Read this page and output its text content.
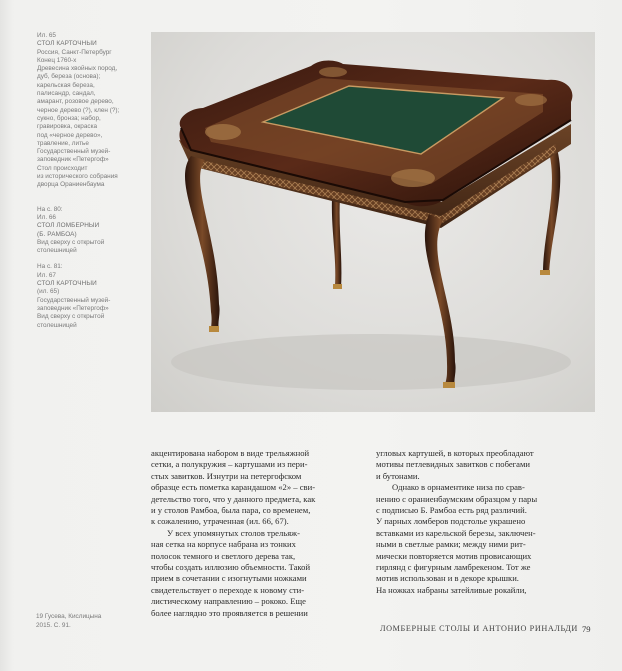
Ил. 65
СТОЛ КАРТОЧНЫЙ
Россия, Санкт-Петербург
Конец 1760-х
Древесина хвойных пород,
дуб, береза (основа);
карельская береза,
палисандр, сандал,
амарант, розовое дерево,
черное дерево (?), клен (?);
сукно, бронза; набор,
гравировка, окраска
под «черное дерево»,
травление, литье
Государственный музей-
заповедник «Петергоф»
Стол происходит
из исторического собрания
дворца Ораниенбаума
На с. 80:
Ил. 66
СТОЛ ЛОМБЕРНЫЙ
(Б. РАМБОА)
Вид сверху с открытой
столешницей
На с. 81:
Ил. 67
СТОЛ КАРТОЧНЫЙ
(ил. 65)
Государственный музей-
заповедник «Петергоф»
Вид сверху с открытой
столешницей
акцентирована набором в виде трельяжной
сетки, а полукружия – картушами из пери-
стых завитков. Изнутри на петергофском
образце есть пометка карандашом «2» – сви-
детельство того, что у данного предмета, как
и у столов Рамбоа, была пара, со временем,
к сожалению, утраченная (ил. 66, 67).
У всех упомянутых столов трельяж-
ная сетка на корпусе набрана из тонких
полосок темного и светлого дерева так,
чтобы создать иллюзию объемности. Такой
прием в сочетании с изогнутыми ножками
свидетельствует о переходе к новому сти-
листическому направлению – рококо. Еще
более наглядно это проявляется в решении
угловых картушей, в которых преобладают
мотивы петлевидных завитков с побегами
и бутонами.
Однако в орнаментике низа по срав-
нению с ораниенбаумским образцом у пары
с подписью Б. Рамбоа есть ряд различий.
У парных ломберов подстолье украшено
вставками из карельской березы, заключен-
ными в светлые рамки; между ними рит-
мически повторяется мотив провисающих
гирлянд с фигурным ламбрекеном. Тот же
мотив использован и в декоре крышки.
На ножках набраны затейливые рокайли,
19 Гусева, Кислицына
2015. С. 91.	ЛОМБЕРНЫЕ СТОЛЫ И АНТОНИО РИНАЛЬДИ 79
